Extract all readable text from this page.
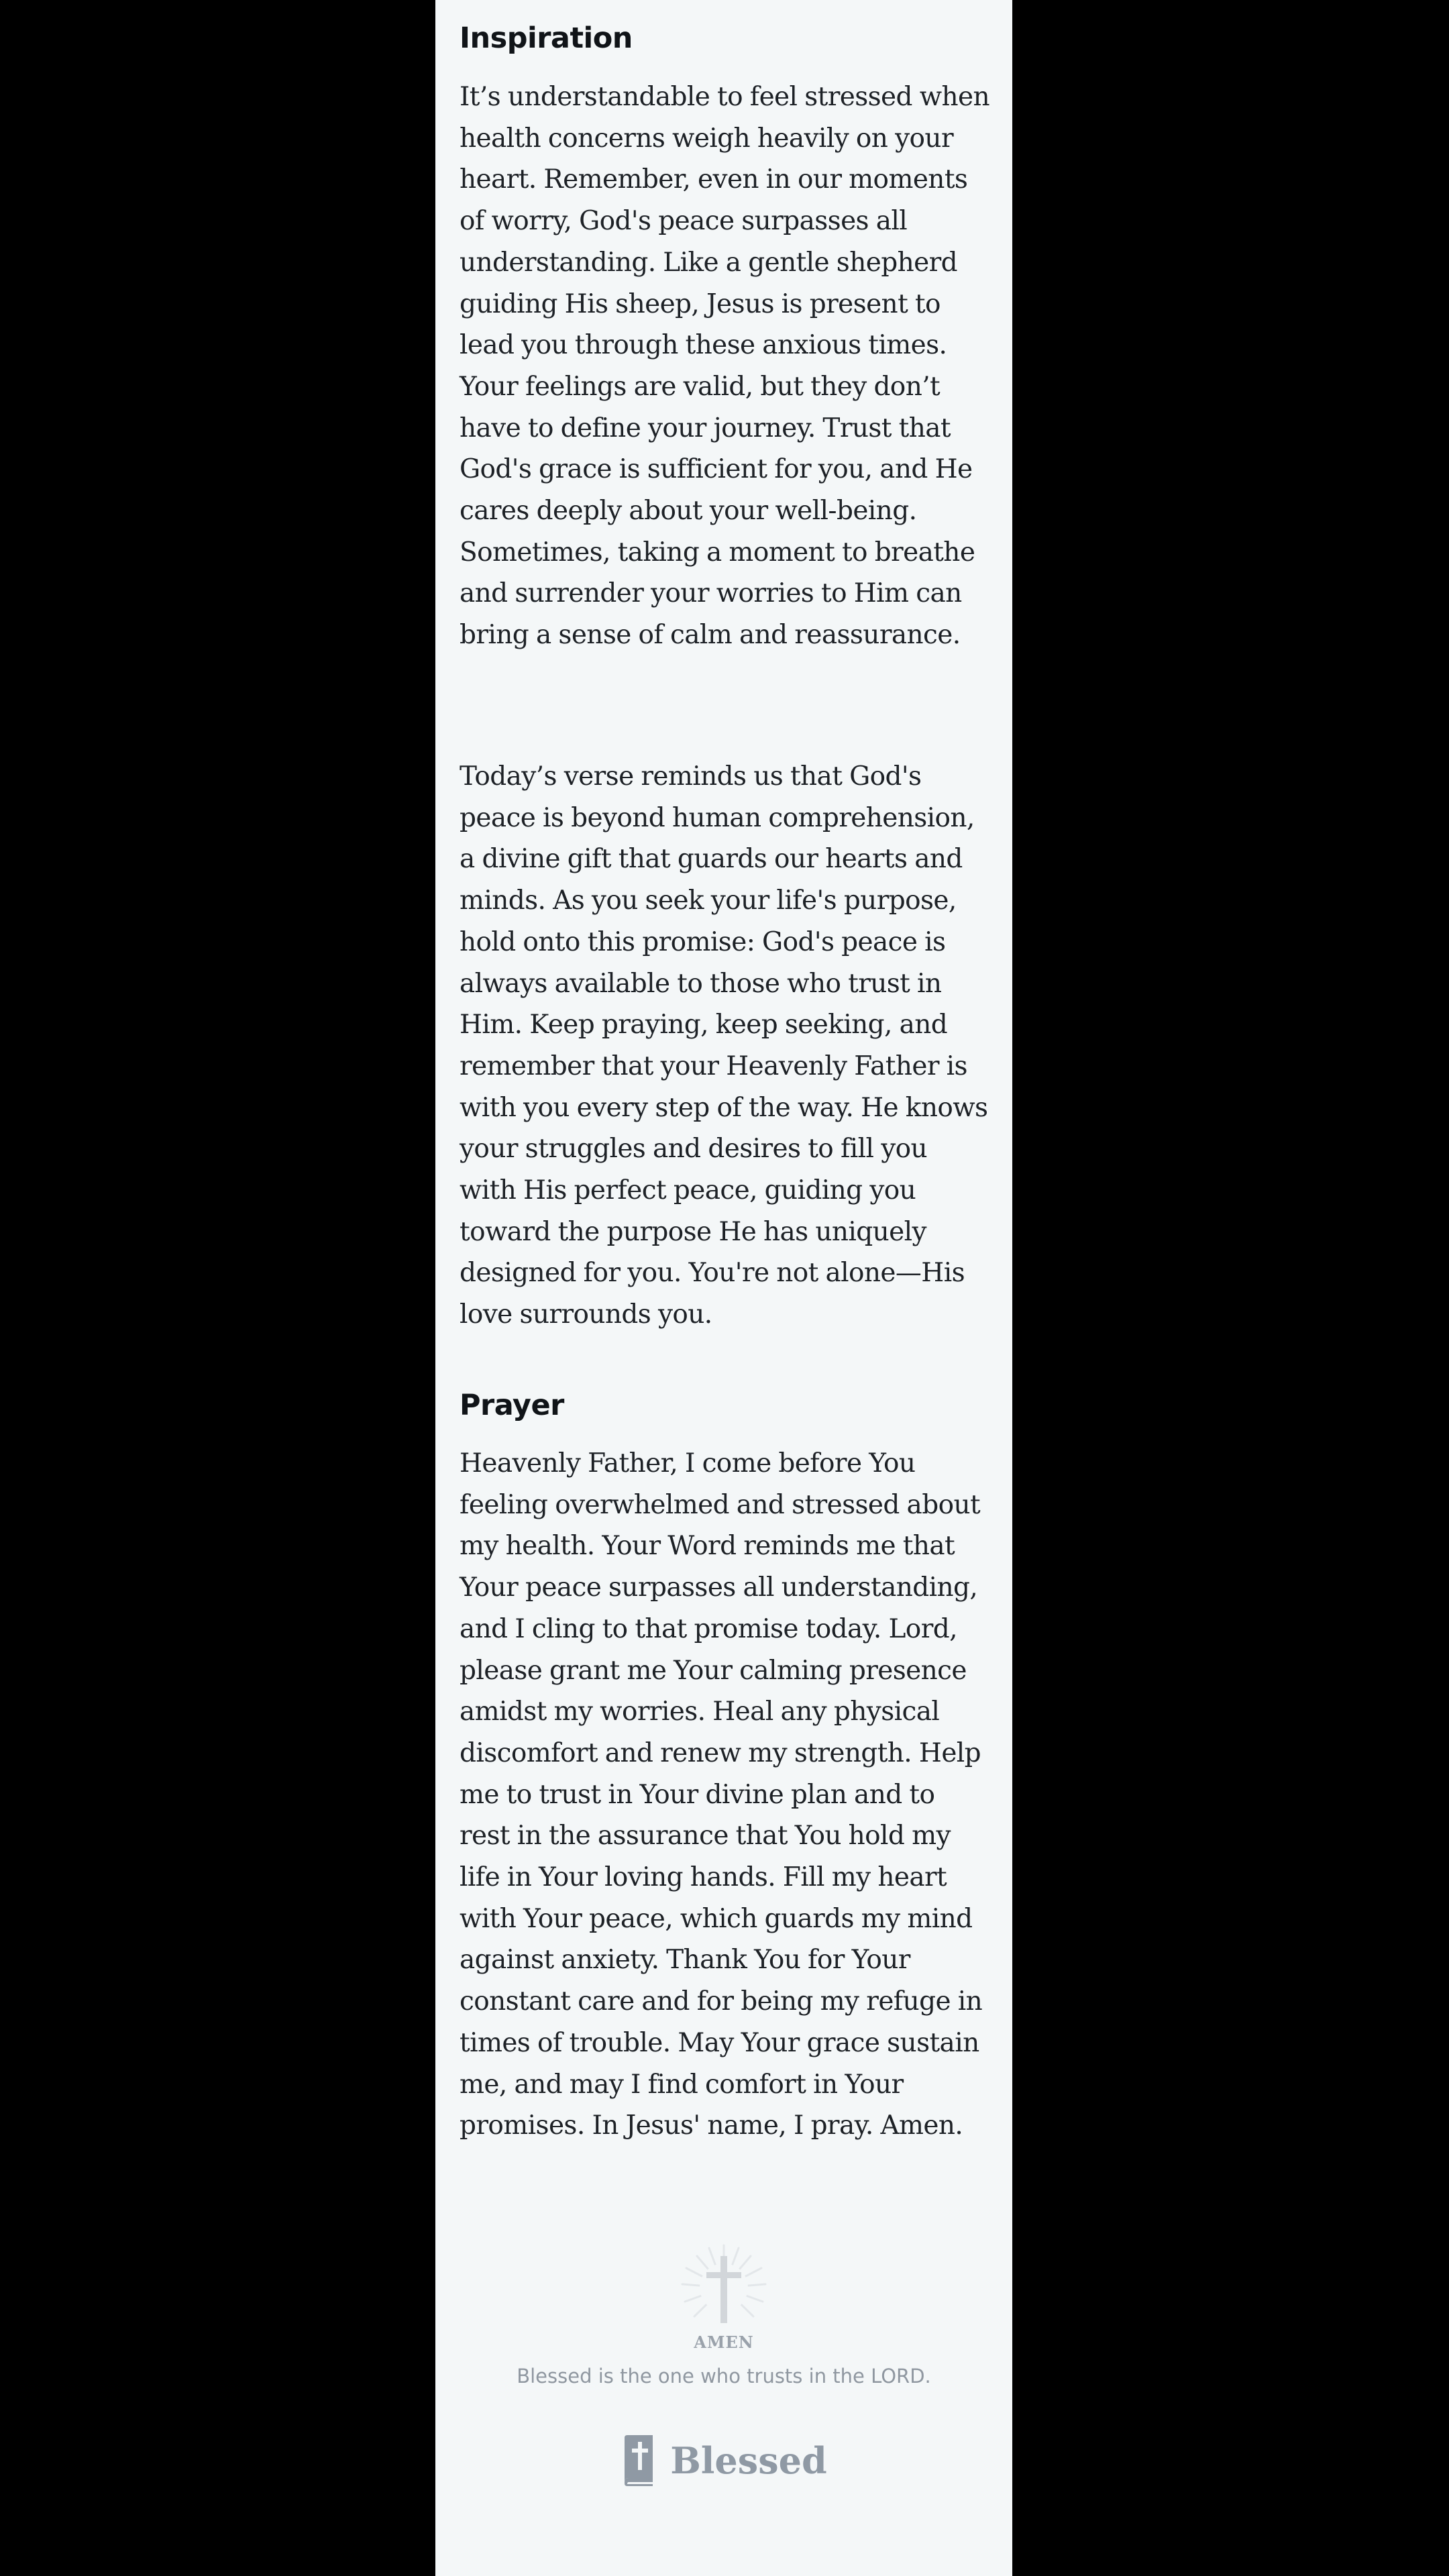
Inspiration

It’s understandable to feel stressed when health concerns weigh heavily on your heart. Remember, even in our moments of worry, God's peace surpasses all understanding. Like a gentle shepherd guiding His sheep, Jesus is present to lead you through these anxious times. Your feelings are valid, but they don’t have to define your journey. Trust that God's grace is sufficient for you, and He cares deeply about your well-being. Sometimes, taking a moment to breathe and surrender your worries to Him can bring a sense of calm and reassurance.

Today’s verse reminds us that God's peace is beyond human comprehension, a divine gift that guards our hearts and minds. As you seek your life's purpose, hold onto this promise: God's peace is always available to those who trust in Him. Keep praying, keep seeking, and remember that your Heavenly Father is with you every step of the way. He knows your struggles and desires to fill you with His perfect peace, guiding you toward the purpose He has uniquely designed for you. You're not alone—His love surrounds you.

Prayer

Heavenly Father, I come before You feeling overwhelmed and stressed about my health. Your Word reminds me that Your peace surpasses all understanding, and I cling to that promise today. Lord, please grant me Your calming presence amidst my worries. Heal any physical discomfort and renew my strength. Help me to trust in Your divine plan and to rest in the assurance that You hold my life in Your loving hands. Fill my heart with Your peace, which guards my mind against anxiety. Thank You for Your constant care and for being my refuge in times of trouble. May Your grace sustain me, and may I find comfort in Your promises. In Jesus' name, I pray. Amen.

AMEN
Blessed is the one who trusts in the LORD.
Blessed
